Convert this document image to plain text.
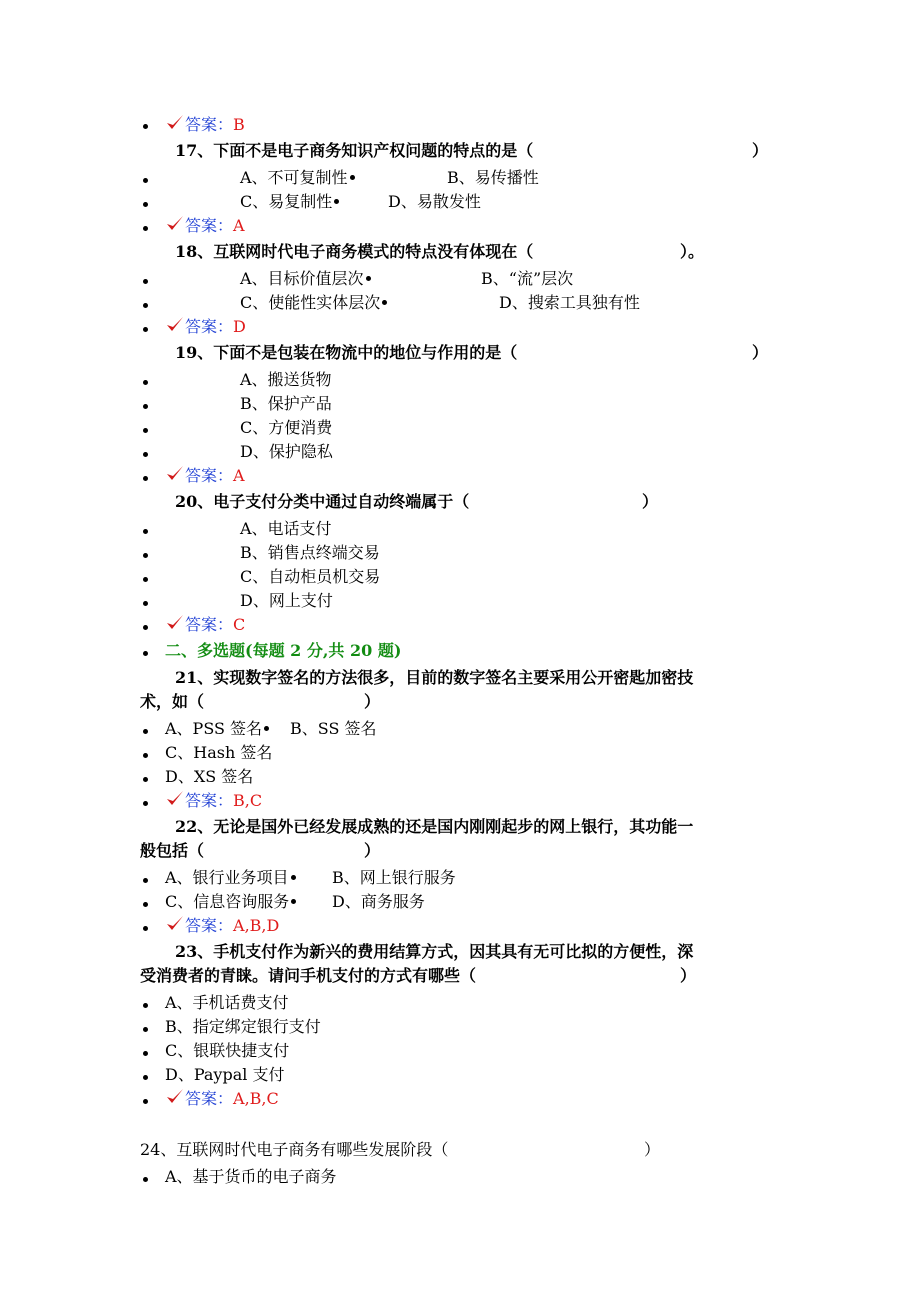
答案：B
17、下面不是电子商务知识产权问题的特点的是（	）
A、不可复制性	B、易传播性
C、易复制性	D、易散发性
答案：A
18、互联网时代电子商务模式的特点没有体现在（	）。
A、目标价值层次	B、“流”层次
C、使能性实体层次	D、搜索工具独有性
答案：D
19、下面不是包装在物流中的地位与作用的是（	）
A、搬送货物
B、保护产品
C、方便消费
D、保护隐私
答案：A
20、电子支付分类中通过自动终端属于（	）
A、电话支付
B、销售点终端交易
C、自动柜员机交易
D、网上支付
答案：C
二、多选题(每题 2 分,共 20 题)
21、实现数字签名的方法很多，目前的数字签名主要采用公开密匙加密技
术，如（	）
A、PSS 签名	B、SS 签名
C、Hash 签名
D、XS 签名
答案：B,C
22、无论是国外已经发展成熟的还是国内刚刚起步的网上银行，其功能一
般包括（	）
A、银行业务项目	B、网上银行服务
C、信息咨询服务	D、商务服务
答案：A,B,D
23、手机支付作为新兴的费用结算方式，因其具有无可比拟的方便性，深
受消费者的青睐。请问手机支付的方式有哪些（	）
A、手机话费支付
B、指定绑定银行支付
C、银联快捷支付
D、Paypal 支付
答案：A,B,C
24、互联网时代电子商务有哪些发展阶段（	）
A、基于货币的电子商务
